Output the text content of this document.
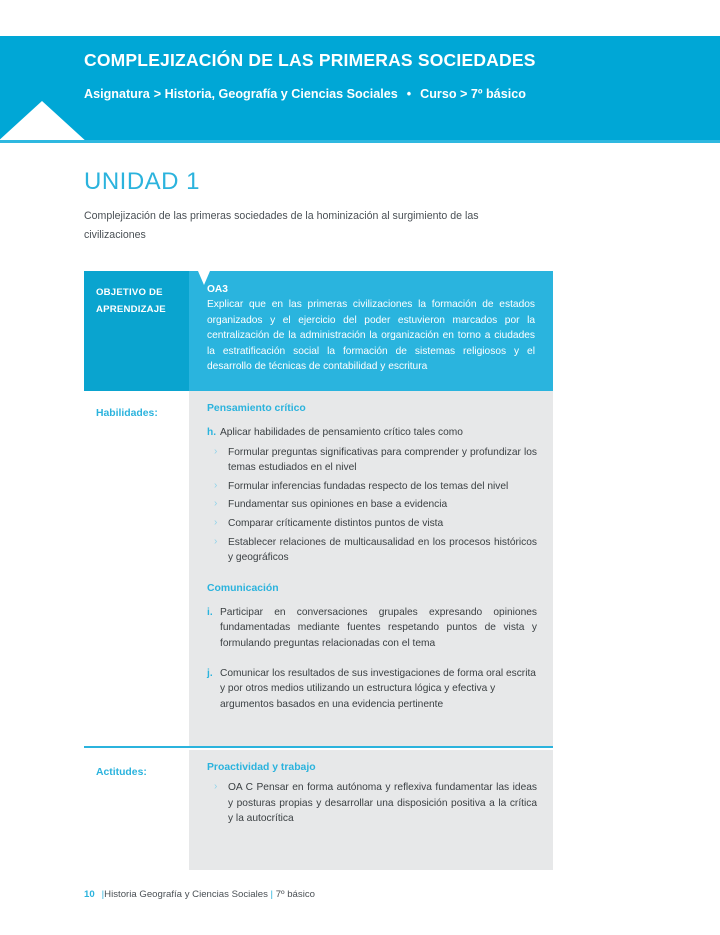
COMPLEJIZACIÓN DE LAS PRIMERAS SOCIEDADES
Asignatura > Historia, Geografía y Ciencias Sociales • Curso > 7º básico
UNIDAD 1
Complejización de las primeras sociedades de la hominización al surgimiento de las civilizaciones
OBJETIVO DE
APRENDIZAJE
OA3
Explicar que en las primeras civilizaciones la formación de estados organizados y el ejercicio del poder estuvieron marcados por la centralización de la administración la organización en torno a ciudades la estratificación social la formación de sistemas religiosos y el desarrollo de técnicas de contabilidad y escritura
Habilidades:	Pensamiento crítico
h. Aplicar habilidades de pensamiento crítico tales como
› Formular preguntas significativas para comprender y profundizar los temas estudiados en el nivel
› Formular inferencias fundadas respecto de los temas del nivel
› Fundamentar sus opiniones en base a evidencia
› Comparar críticamente distintos puntos de vista
› Establecer relaciones de multicausalidad en los procesos históricos y geográficos
Comunicación
i. Participar en conversaciones grupales expresando opiniones fundamentadas mediante fuentes respetando puntos de vista y formulando preguntas relacionadas con el tema
j. Comunicar los resultados de sus investigaciones de forma oral escrita y por otros medios utilizando un estructura lógica y efectiva y argumentos basados en una evidencia pertinente
Actitudes:	Proactividad y trabajo
› OA C Pensar en forma autónoma y reflexiva fundamentar las ideas y posturas propias y desarrollar una disposición positiva a la crítica y la autocrítica
10 |Historia Geografía y Ciencias Sociales | 7º básico
